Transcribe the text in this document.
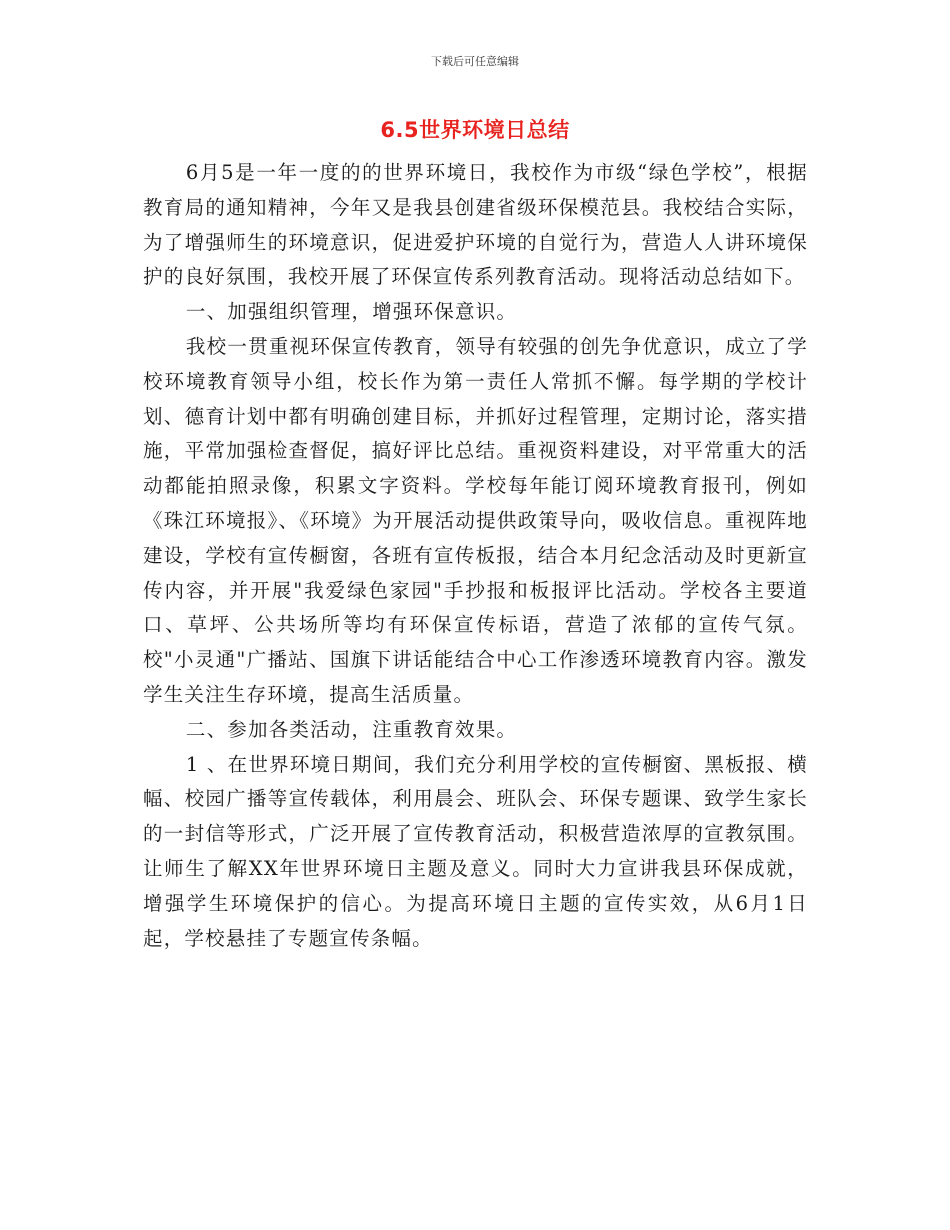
下载后可任意编辑
6.5世界环境日总结

6月5是一年一度的的世界环境日，我校作为市级“绿色学校”，根据教育局的通知精神，今年又是我县创建省级环保模范县。我校结合实际，为了增强师生的环境意识，促进爱护环境的自觉行为，营造人人讲环境保护的良好氛围，我校开展了环保宣传系列教育活动。现将活动总结如下。

一、加强组织管理，增强环保意识。

我校一贯重视环保宣传教育，领导有较强的创先争优意识，成立了学校环境教育领导小组，校长作为第一责任人常抓不懈。每学期的学校计划、德育计划中都有明确创建目标，并抓好过程管理，定期讨论，落实措施，平常加强检查督促，搞好评比总结。重视资料建设，对平常重大的活动都能拍照录像，积累文字资料。学校每年能订阅环境教育报刊，例如《珠江环境报》、《环境》为开展活动提供政策导向，吸收信息。重视阵地建设，学校有宣传橱窗，各班有宣传板报，结合本月纪念活动及时更新宣传内容，并开展"我爱绿色家园"手抄报和板报评比活动。学校各主要道口、草坪、公共场所等均有环保宣传标语，营造了浓郁的宣传气氛。校"小灵通"广播站、国旗下讲话能结合中心工作渗透环境教育内容。激发学生关注生存环境，提高生活质量。

二、参加各类活动，注重教育效果。

1 、在世界环境日期间，我们充分利用学校的宣传橱窗、黑板报、横幅、校园广播等宣传载体，利用晨会、班队会、环保专题课、致学生家长的一封信等形式，广泛开展了宣传教育活动，积极营造浓厚的宣教氛围。让师生了解XX年世界环境日主题及意义。同时大力宣讲我县环保成就，增强学生环境保护的信心。为提高环境日主题的宣传实效，从6月1日起，学校悬挂了专题宣传条幅。
